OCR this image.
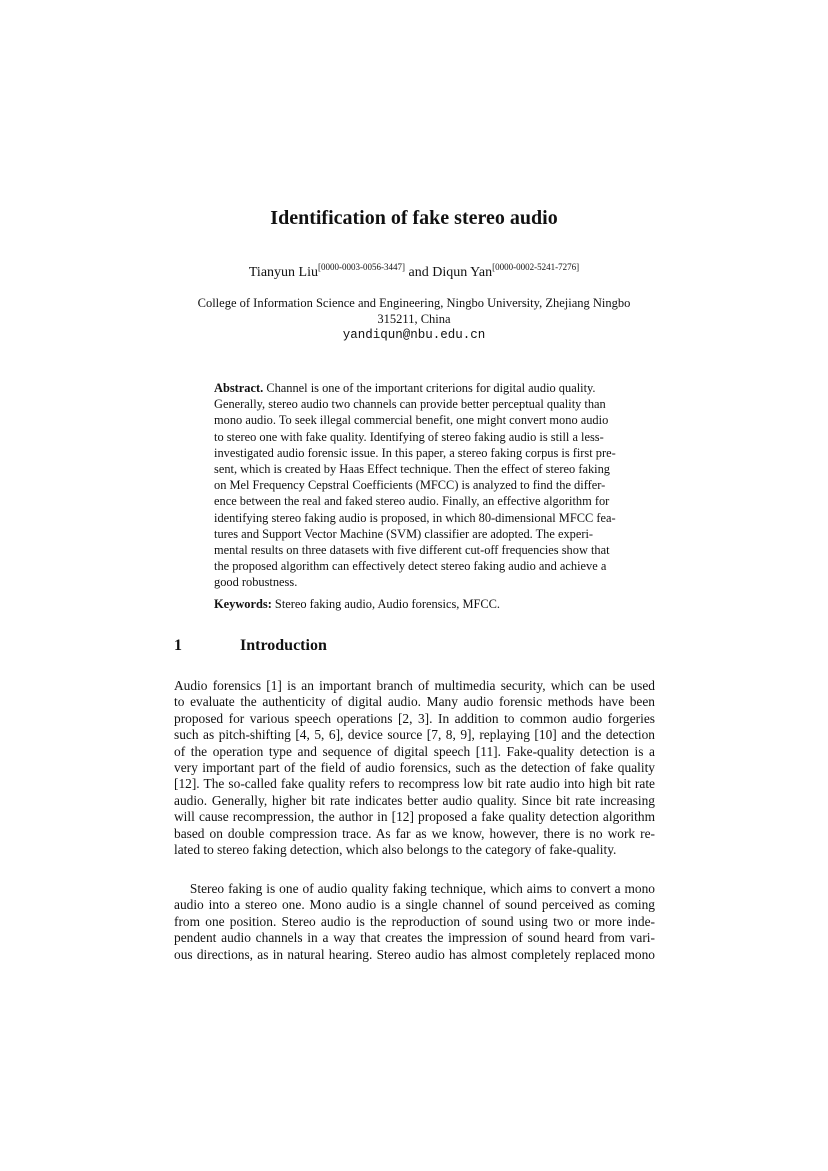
Identification of fake stereo audio
Tianyun Liu[0000-0003-0056-3447] and Diqun Yan[0000-0002-5241-7276]
College of Information Science and Engineering, Ningbo University, Zhejiang Ningbo
315211, China
yandiqun@nbu.edu.cn
Abstract. Channel is one of the important criterions for digital audio quality.
Generally, stereo audio two channels can provide better perceptual quality than
mono audio. To seek illegal commercial benefit, one might convert mono audio
to stereo one with fake quality. Identifying of stereo faking audio is still a less-
investigated audio forensic issue. In this paper, a stereo faking corpus is first pre-
sent, which is created by Haas Effect technique. Then the effect of stereo faking
on Mel Frequency Cepstral Coefficients (MFCC) is analyzed to find the differ-
ence between the real and faked stereo audio. Finally, an effective algorithm for
identifying stereo faking audio is proposed, in which 80-dimensional MFCC fea-
tures and Support Vector Machine (SVM) classifier are adopted. The experi-
mental results on three datasets with five different cut-off frequencies show that
the proposed algorithm can effectively detect stereo faking audio and achieve a
good robustness.
Keywords: Stereo faking audio, Audio forensics, MFCC.
1	Introduction
Audio forensics [1] is an important branch of multimedia security, which can be used
to evaluate the authenticity of digital audio. Many audio forensic methods have been
proposed for various speech operations [2, 3]. In addition to common audio forgeries
such as pitch-shifting [4, 5, 6], device source [7, 8, 9], replaying [10] and the detection
of the operation type and sequence of digital speech [11]. Fake-quality detection is a
very important part of the field of audio forensics, such as the detection of fake quality
[12]. The so-called fake quality refers to recompress low bit rate audio into high bit rate
audio. Generally, higher bit rate indicates better audio quality. Since bit rate increasing
will cause recompression, the author in [12] proposed a fake quality detection algorithm
based on double compression trace. As far as we know, however, there is no work re-
lated to stereo faking detection, which also belongs to the category of fake-quality.
Stereo faking is one of audio quality faking technique, which aims to convert a mono
audio into a stereo one. Mono audio is a single channel of sound perceived as coming
from one position. Stereo audio is the reproduction of sound using two or more inde-
pendent audio channels in a way that creates the impression of sound heard from vari-
ous directions, as in natural hearing. Stereo audio has almost completely replaced mono
